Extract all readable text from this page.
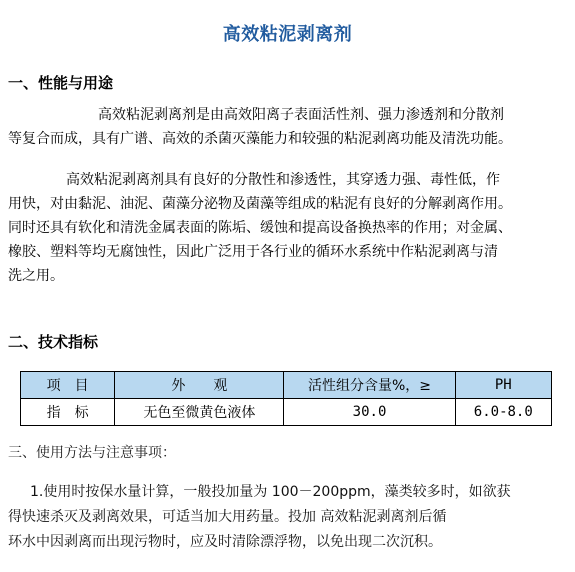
高效粘泥剥离剂
一、性能与用途
高效粘泥剥离剂是由高效阳离子表面活性剂、强力渗透剂和分散剂
等复合而成，具有广谱、高效的杀菌灭藻能力和较强的粘泥剥离功能及清洗功能。
高效粘泥剥离剂具有良好的分散性和渗透性，其穿透力强、毒性低，作
用快，对由黏泥、油泥、菌藻分泌物及菌藻等组成的粘泥有良好的分解剥离作用。
同时还具有软化和清洗金属表面的陈垢、缓蚀和提高设备换热率的作用；对金属、
橡胶、塑料等均无腐蚀性，因此广泛用于各行业的循环水系统中作粘泥剥离与清
洗之用。
二、技术指标
项　目	外　　观	活性组分含量%，≥	PH
指　标	无色至微黄色液体	30.0	6.0-8.0
三、使用方法与注意事项：
1.使用时按保水量计算，一般投加量为 100－200ppm，藻类较多时，如欲获
得快速杀灭及剥离效果，可适当加大用药量。投加 高效粘泥剥离剂后循
环水中因剥离而出现污物时，应及时清除漂浮物，以免出现二次沉积。
